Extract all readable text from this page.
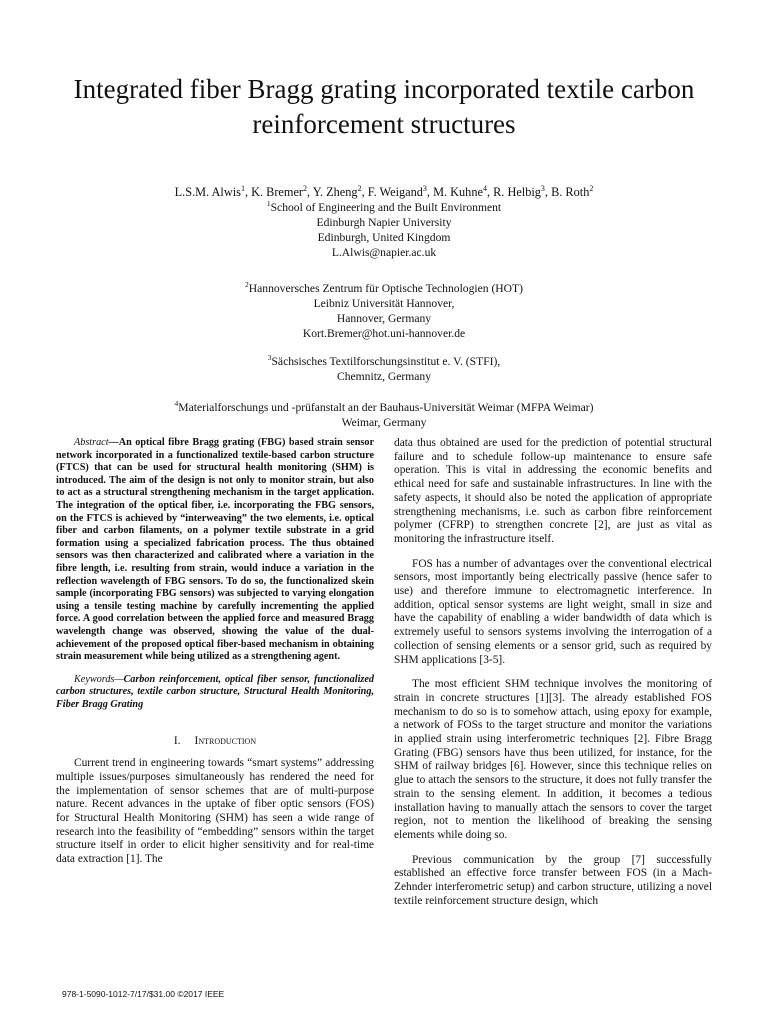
Integrated fiber Bragg grating incorporated textile carbon reinforcement structures
L.S.M. Alwis$^1$, K. Bremer$^2$, Y. Zheng$^2$, F. Weigand$^3$, M. Kuhne$^4$, R. Helbig$^3$, B. Roth$^2$
$^1$School of Engineering and the Built Environment
Edinburgh Napier University
Edinburgh, United Kingdom
L.Alwis@napier.ac.uk
$^2$Hannoversches Zentrum für Optische Technologien (HOT)
Leibniz Universität Hannover,
Hannover, Germany
Kort.Bremer@hot.uni-hannover.de
$^3$Sächsisches Textilforschungsinstitut e. V. (STFI),
Chemnitz, Germany
$^4$Materialforschungs und -prüfanstalt an der Bauhaus-Universität Weimar (MFPA Weimar)
Weimar, Germany

Abstract—An optical fibre Bragg grating (FBG) based strain sensor network incorporated in a functionalized textile-based carbon structure (FTCS) that can be used for structural health monitoring (SHM) is introduced. The aim of the design is not only to monitor strain, but also to act as a structural strengthening mechanism in the target application. The integration of the optical fiber, i.e. incorporating the FBG sensors, on the FTCS is achieved by “interweaving” the two elements, i.e. optical fiber and carbon filaments, on a polymer textile substrate in a grid formation using a specialized fabrication process. The thus obtained sensors was then characterized and calibrated where a variation in the fibre length, i.e. resulting from strain, would induce a variation in the reflection wavelength of FBG sensors. To do so, the functionalized skein sample (incorporating FBG sensors) was subjected to varying elongation using a tensile testing machine by carefully incrementing the applied force. A good correlation between the applied force and measured Bragg wavelength change was observed, showing the value of the dual-achievement of the proposed optical fiber-based mechanism in obtaining strain measurement while being utilized as a strengthening agent.

Keywords—Carbon reinforcement, optical fiber sensor, functionalized carbon structures, textile carbon structure, Structural Health Monitoring, Fiber Bragg Grating

I. Introduction

Current trend in engineering towards “smart systems” addressing multiple issues/purposes simultaneously has rendered the need for the implementation of sensor schemes that are of multi-purpose nature. Recent advances in the uptake of fiber optic sensors (FOS) for Structural Health Monitoring (SHM) has seen a wide range of research into the feasibility of “embedding” sensors within the target structure itself in order to elicit higher sensitivity and for real-time data extraction [1]. The

data thus obtained are used for the prediction of potential structural failure and to schedule follow-up maintenance to ensure safe operation. This is vital in addressing the economic benefits and ethical need for safe and sustainable infrastructures. In line with the safety aspects, it should also be noted the application of appropriate strengthening mechanisms, i.e. such as carbon fibre reinforcement polymer (CFRP) to strengthen concrete [2], are just as vital as monitoring the infrastructure itself.

FOS has a number of advantages over the conventional electrical sensors, most importantly being electrically passive (hence safer to use) and therefore immune to electromagnetic interference. In addition, optical sensor systems are light weight, small in size and have the capability of enabling a wider bandwidth of data which is extremely useful to sensors systems involving the interrogation of a collection of sensing elements or a sensor grid, such as required by SHM applications [3-5].

The most efficient SHM technique involves the monitoring of strain in concrete structures [1][3]. The already established FOS mechanism to do so is to somehow attach, using epoxy for example, a network of FOSs to the target structure and monitor the variations in applied strain using interferometric techniques [2]. Fibre Bragg Grating (FBG) sensors have thus been utilized, for instance, for the SHM of railway bridges [6]. However, since this technique relies on glue to attach the sensors to the structure, it does not fully transfer the strain to the sensing element. In addition, it becomes a tedious installation having to manually attach the sensors to cover the target region, not to mention the likelihood of breaking the sensing elements while doing so.

Previous communication by the group [7] successfully established an effective force transfer between FOS (in a Mach-Zehnder interferometric setup) and carbon structure, utilizing a novel textile reinforcement structure design, which

978-1-5090-1012-7/17/$31.00 ©2017 IEEE
